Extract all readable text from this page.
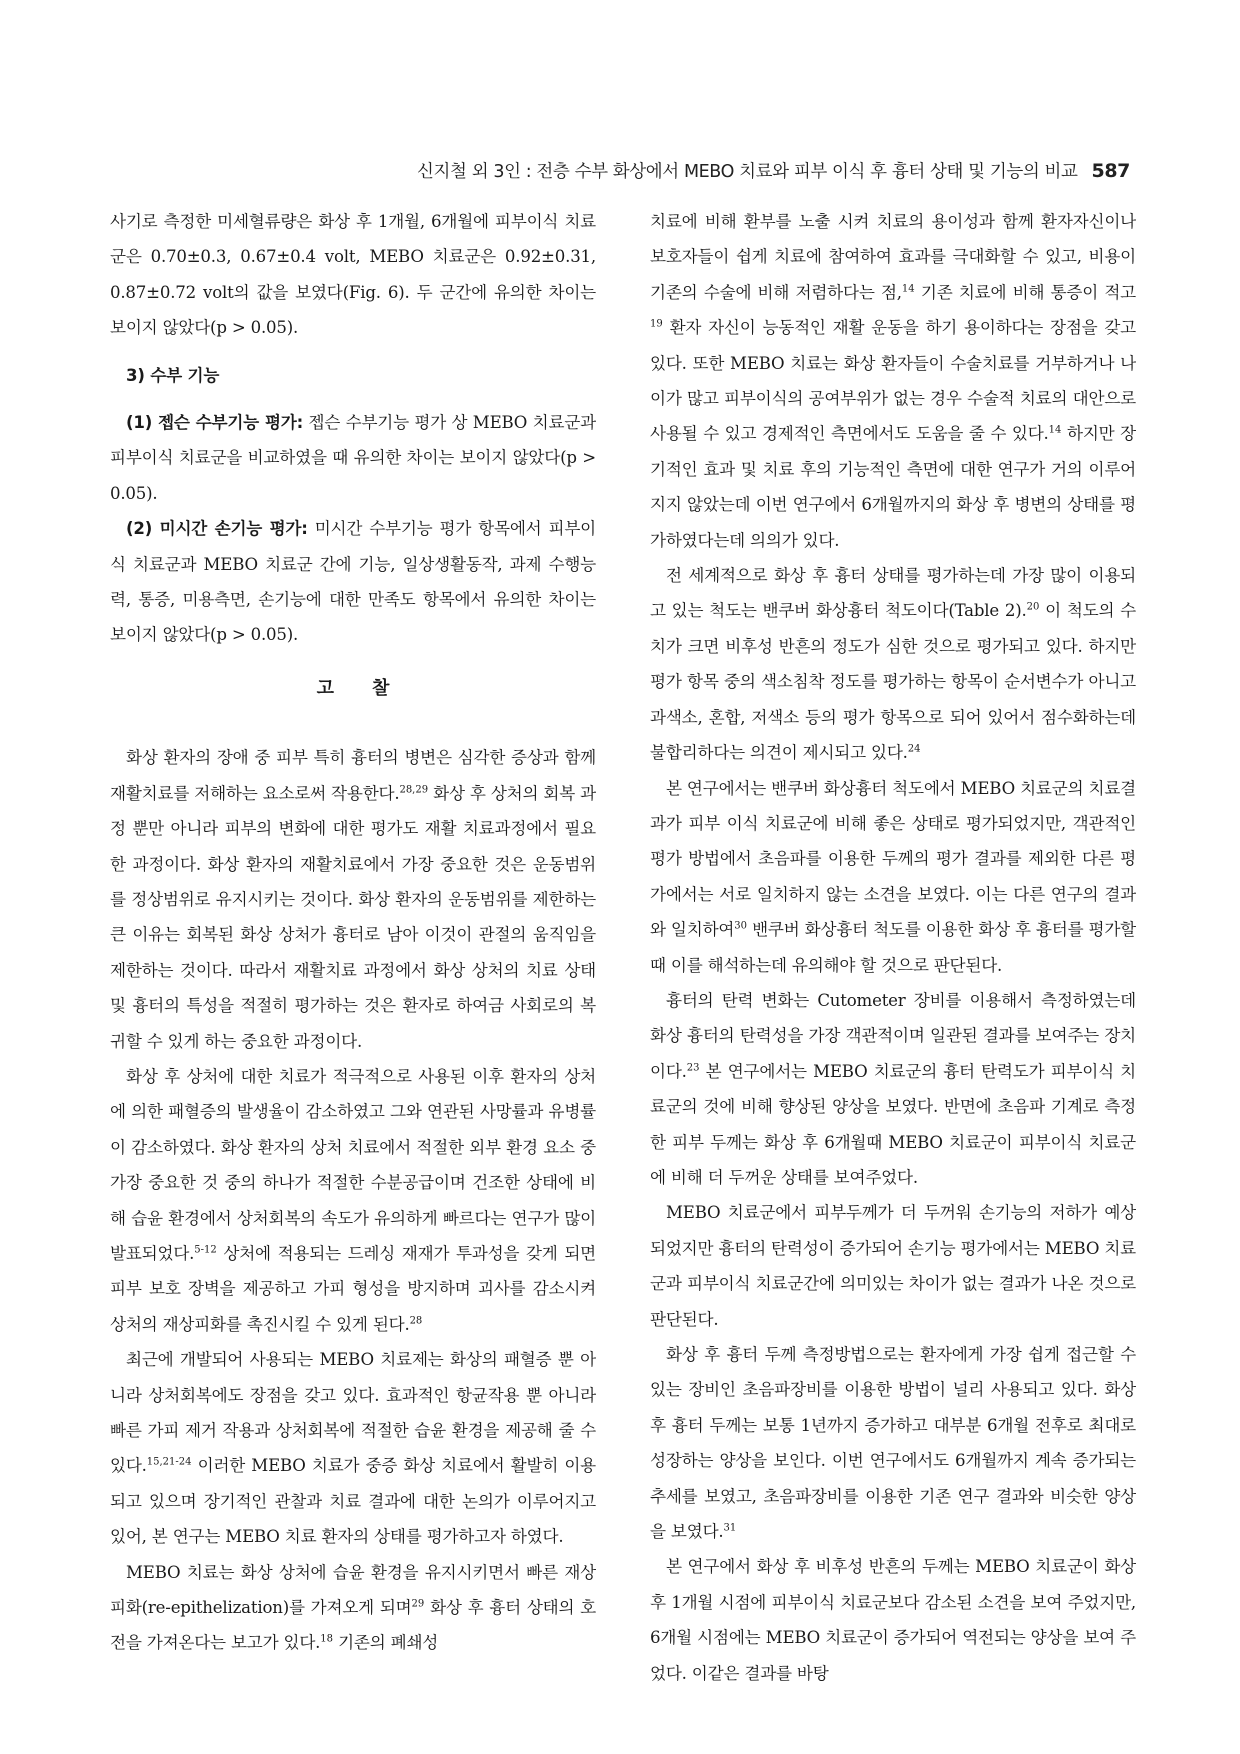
신지철 외 3인 : 전층 수부 화상에서 MEBO 치료와 피부 이식 후 흉터 상태 및 기능의 비교 587

사기로 측정한 미세혈류량은 화상 후 1개월, 6개월에 피부이식 치료군은 0.70±0.3, 0.67±0.4 volt, MEBO 치료군은 0.92±0.31, 0.87±0.72 volt의 값을 보였다(Fig. 6). 두 군간에 유의한 차이는 보이지 않았다(p > 0.05).

3) 수부 기능

(1) 젭슨 수부기능 평가: 젭슨 수부기능 평가 상 MEBO 치료군과 피부이식 치료군을 비교하였을 때 유의한 차이는 보이지 않았다(p > 0.05).

(2) 미시간 손기능 평가: 미시간 수부기능 평가 항목에서 피부이식 치료군과 MEBO 치료군 간에 기능, 일상생활동작, 과제 수행능력, 통증, 미용측면, 손기능에 대한 만족도 항목에서 유의한 차이는 보이지 않았다(p > 0.05).

고찰

화상 환자의 장애 중 피부 특히 흉터의 병변은 심각한 증상과 함께 재활치료를 저해하는 요소로써 작용한다.$^{28,29}$ 화상 후 상처의 회복 과정 뿐만 아니라 피부의 변화에 대한 평가도 재활 치료과정에서 필요한 과정이다. 화상 환자의 재활치료에서 가장 중요한 것은 운동범위를 정상범위로 유지시키는 것이다. 화상 환자의 운동범위를 제한하는 큰 이유는 회복된 화상 상처가 흉터로 남아 이것이 관절의 움직임을 제한하는 것이다. 따라서 재활치료 과정에서 화상 상처의 치료 상태 및 흉터의 특성을 적절히 평가하는 것은 환자로 하여금 사회로의 복귀할 수 있게 하는 중요한 과정이다.

화상 후 상처에 대한 치료가 적극적으로 사용된 이후 환자의 상처에 의한 패혈증의 발생율이 감소하였고 그와 연관된 사망률과 유병률이 감소하였다. 화상 환자의 상처 치료에서 적절한 외부 환경 요소 중 가장 중요한 것 중의 하나가 적절한 수분공급이며 건조한 상태에 비해 습윤 환경에서 상처회복의 속도가 유의하게 빠르다는 연구가 많이 발표되었다.$^{5-12}$ 상처에 적용되는 드레싱 재재가 투과성을 갖게 되면 피부 보호 장벽을 제공하고 가피 형성을 방지하며 괴사를 감소시켜 상처의 재상피화를 촉진시킬 수 있게 된다.$^{28}$

최근에 개발되어 사용되는 MEBO 치료제는 화상의 패혈증 뿐 아니라 상처회복에도 장점을 갖고 있다. 효과적인 항균작용 뿐 아니라 빠른 가피 제거 작용과 상처회복에 적절한 습윤 환경을 제공해 줄 수 있다.$^{15,21-24}$ 이러한 MEBO 치료가 중증 화상 치료에서 활발히 이용되고 있으며 장기적인 관찰과 치료 결과에 대한 논의가 이루어지고 있어, 본 연구는 MEBO 치료 환자의 상태를 평가하고자 하였다.

MEBO 치료는 화상 상처에 습윤 환경을 유지시키면서 빠른 재상피화(re-epithelization)를 가져오게 되며$^{29}$ 화상 후 흉터 상태의 호전을 가져온다는 보고가 있다.$^{18}$ 기존의 폐쇄성

치료에 비해 환부를 노출 시켜 치료의 용이성과 함께 환자자신이나 보호자들이 쉽게 치료에 참여하여 효과를 극대화할 수 있고, 비용이 기존의 수술에 비해 저렴하다는 점,$^{14}$ 기존 치료에 비해 통증이 적고$^{19}$ 환자 자신이 능동적인 재활 운동을 하기 용이하다는 장점을 갖고 있다. 또한 MEBO 치료는 화상 환자들이 수술치료를 거부하거나 나이가 많고 피부이식의 공여부위가 없는 경우 수술적 치료의 대안으로 사용될 수 있고 경제적인 측면에서도 도움을 줄 수 있다.$^{14}$ 하지만 장기적인 효과 및 치료 후의 기능적인 측면에 대한 연구가 거의 이루어지지 않았는데 이번 연구에서 6개월까지의 화상 후 병변의 상태를 평가하였다는데 의의가 있다.

전 세계적으로 화상 후 흉터 상태를 평가하는데 가장 많이 이용되고 있는 척도는 밴쿠버 화상흉터 척도이다(Table 2).$^{20}$ 이 척도의 수치가 크면 비후성 반흔의 정도가 심한 것으로 평가되고 있다. 하지만 평가 항목 중의 색소침착 정도를 평가하는 항목이 순서변수가 아니고 과색소, 혼합, 저색소 등의 평가 항목으로 되어 있어서 점수화하는데 불합리하다는 의견이 제시되고 있다.$^{24}$

본 연구에서는 밴쿠버 화상흉터 척도에서 MEBO 치료군의 치료결과가 피부 이식 치료군에 비해 좋은 상태로 평가되었지만, 객관적인 평가 방법에서 초음파를 이용한 두께의 평가 결과를 제외한 다른 평가에서는 서로 일치하지 않는 소견을 보였다. 이는 다른 연구의 결과와 일치하여$^{30}$ 밴쿠버 화상흉터 척도를 이용한 화상 후 흉터를 평가할때 이를 해석하는데 유의해야 할 것으로 판단된다.

흉터의 탄력 변화는 Cutometer 장비를 이용해서 측정하였는데 화상 흉터의 탄력성을 가장 객관적이며 일관된 결과를 보여주는 장치이다.$^{23}$ 본 연구에서는 MEBO 치료군의 흉터 탄력도가 피부이식 치료군의 것에 비해 향상된 양상을 보였다. 반면에 초음파 기계로 측정한 피부 두께는 화상 후 6개월때 MEBO 치료군이 피부이식 치료군에 비해 더 두꺼운 상태를 보여주었다.

MEBO 치료군에서 피부두께가 더 두꺼워 손기능의 저하가 예상 되었지만 흉터의 탄력성이 증가되어 손기능 평가에서는 MEBO 치료군과 피부이식 치료군간에 의미있는 차이가 없는 결과가 나온 것으로 판단된다.

화상 후 흉터 두께 측정방법으로는 환자에게 가장 쉽게 접근할 수 있는 장비인 초음파장비를 이용한 방법이 널리 사용되고 있다. 화상 후 흉터 두께는 보통 1년까지 증가하고 대부분 6개월 전후로 최대로 성장하는 양상을 보인다. 이번 연구에서도 6개월까지 계속 증가되는 추세를 보였고, 초음파장비를 이용한 기존 연구 결과와 비슷한 양상을 보였다.$^{31}$

본 연구에서 화상 후 비후성 반흔의 두께는 MEBO 치료군이 화상 후 1개월 시점에 피부이식 치료군보다 감소된 소견을 보여 주었지만, 6개월 시점에는 MEBO 치료군이 증가되어 역전되는 양상을 보여 주었다. 이같은 결과를 바탕
